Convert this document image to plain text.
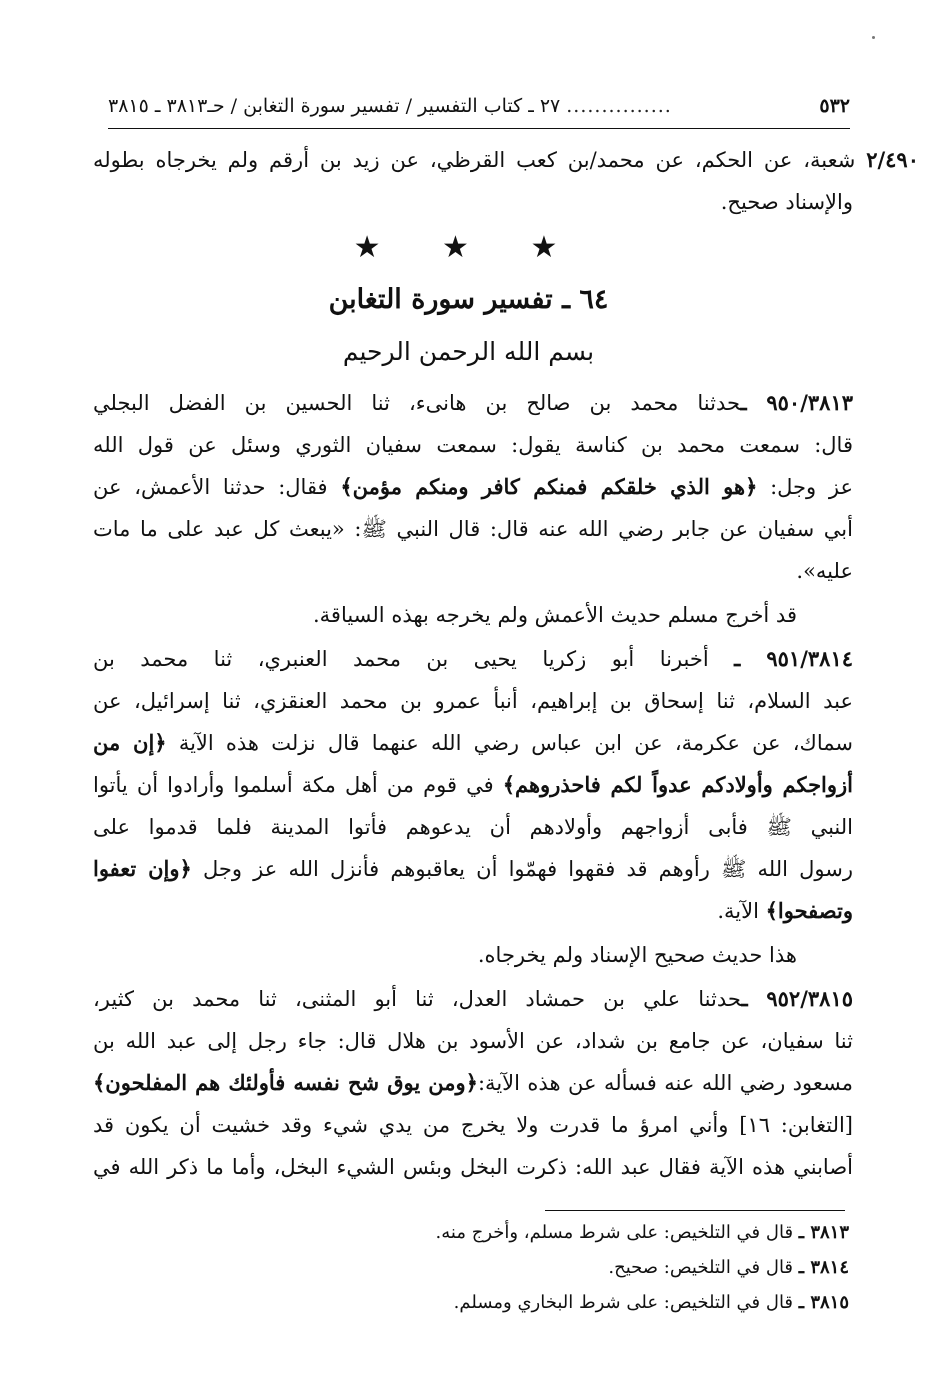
٥٣٢
...............
٢٧ ـ كتاب التفسير / تفسير سورة التغابن / حـ٣٨١٣ ـ ٣٨١٥
٢/٤٩٠ شعبة، عن الحكم، عن محمد/بن كعب القرظي، عن زيد بن أرقم ولم يخرجاه بطوله
والإسناد صحيح.
★ ★ ★
٦٤ ـ تفسير سورة التغابن
بسم الله الرحمن الرحيم
٩٥٠/٣٨١٣ ـحدثنا محمد بن صالح بن هانىء، ثنا الحسين بن الفضل البجلي
قال: سمعت محمد بن كناسة يقول: سمعت سفيان الثوري وسئل عن قول الله
عز وجل: ﴿هو الذي خلقكم فمنكم كافر ومنكم مؤمن﴾ فقال: حدثنا الأعمش، عن
أبي سفيان عن جابر رضي الله عنه قال: قال النبي ﷺ: «يبعث كل عبد على ما مات
عليه».
قد أخرج مسلم حديث الأعمش ولم يخرجه بهذه السياقة.
٩٥١/٣٨١٤ ـ أخبرنا أبو زكريا يحيى بن محمد العنبري، ثنا محمد بن
عبد السلام، ثنا إسحاق بن إبراهيم، أنبأ عمرو بن محمد العنقزي، ثنا إسرائيل، عن
سماك، عن عكرمة، عن ابن عباس رضي الله عنهما قال نزلت هذه الآية ﴿إن من
أزواجكم وأولادكم عدواً لكم فاحذروهم﴾ في قوم من أهل مكة أسلموا وأرادوا أن يأتوا
النبي ﷺ فأبى أزواجهم وأولادهم أن يدعوهم فأتوا المدينة فلما قدموا على
رسول الله ﷺ رأوهم قد فقهوا فهمّوا أن يعاقبوهم فأنزل الله عز وجل ﴿وإن تعفوا
وتصفحوا﴾ الآية.
هذا حديث صحيح الإسناد ولم يخرجاه.
٩٥٢/٣٨١٥ ـحدثنا علي بن حمشاد العدل، ثنا أبو المثنى، ثنا محمد بن كثير،
ثنا سفيان، عن جامع بن شداد، عن الأسود بن هلال قال: جاء رجل إلى عبد الله بن
مسعود رضي الله عنه فسأله عن هذه الآية:﴿ومن يوق شح نفسه فأولئك هم المفلحون﴾
[التغابن: ١٦] وأني امرؤ ما قدرت ولا يخرج من يدي شيء وقد خشيت أن يكون قد
أصابني هذه الآية فقال عبد الله: ذكرت البخل وبئس الشيء البخل، وأما ما ذكر الله في
٣٨١٣ ـ قال في التلخيص: على شرط مسلم، وأخرج منه.
٣٨١٤ ـ قال في التلخيص: صحيح.
٣٨١٥ ـ قال في التلخيص: على شرط البخاري ومسلم.
